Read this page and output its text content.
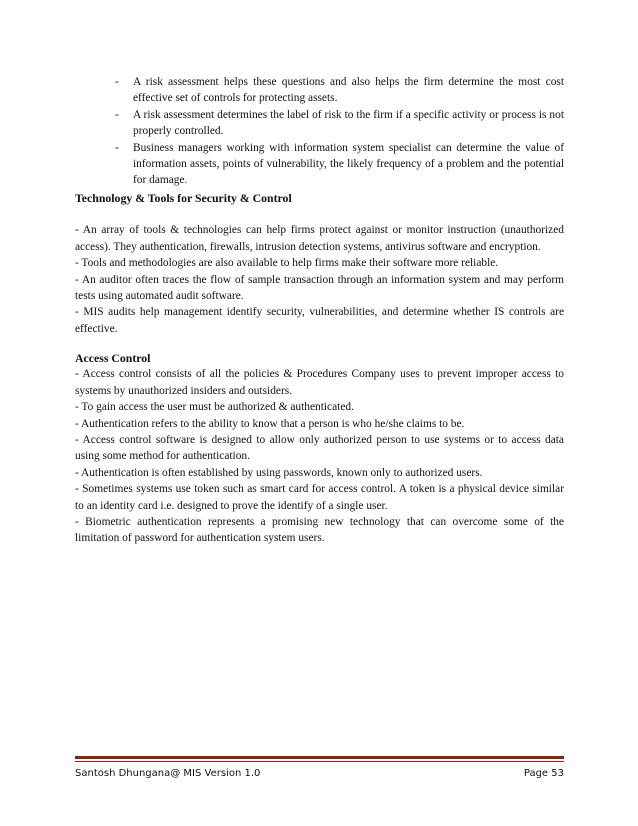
- A risk assessment helps these questions and also helps the firm determine the most cost effective set of controls for protecting assets.
- A risk assessment determines the label of risk to the firm if a specific activity or process is not properly controlled.
- Business managers working with information system specialist can determine the value of information assets, points of vulnerability, the likely frequency of a problem and the potential for damage.

Technology & Tools for Security & Control

- An array of tools & technologies can help firms protect against or monitor instruction (unauthorized access). They authentication, firewalls, intrusion detection systems, antivirus software and encryption.

- Tools and methodologies are also available to help firms make their software more reliable.

- An auditor often traces the flow of sample transaction through an information system and may perform tests using automated audit software.

- MIS audits help management identify security, vulnerabilities, and determine whether IS controls are effective.

Access Control

- Access control consists of all the policies & Procedures Company uses to prevent improper access to systems by unauthorized insiders and outsiders.

- To gain access the user must be authorized & authenticated.

- Authentication refers to the ability to know that a person is who he/she claims to be.

- Access control software is designed to allow only authorized person to use systems or to access data using some method for authentication.

- Authentication is often established by using passwords, known only to authorized users.

- Sometimes systems use token such as smart card for access control. A token is a physical device similar to an identity card i.e. designed to prove the identify of a single user.

- Biometric authentication represents a promising new technology that can overcome some of the limitation of password for authentication system users.

Santosh Dhungana@ MIS Version 1.0	Page 53
